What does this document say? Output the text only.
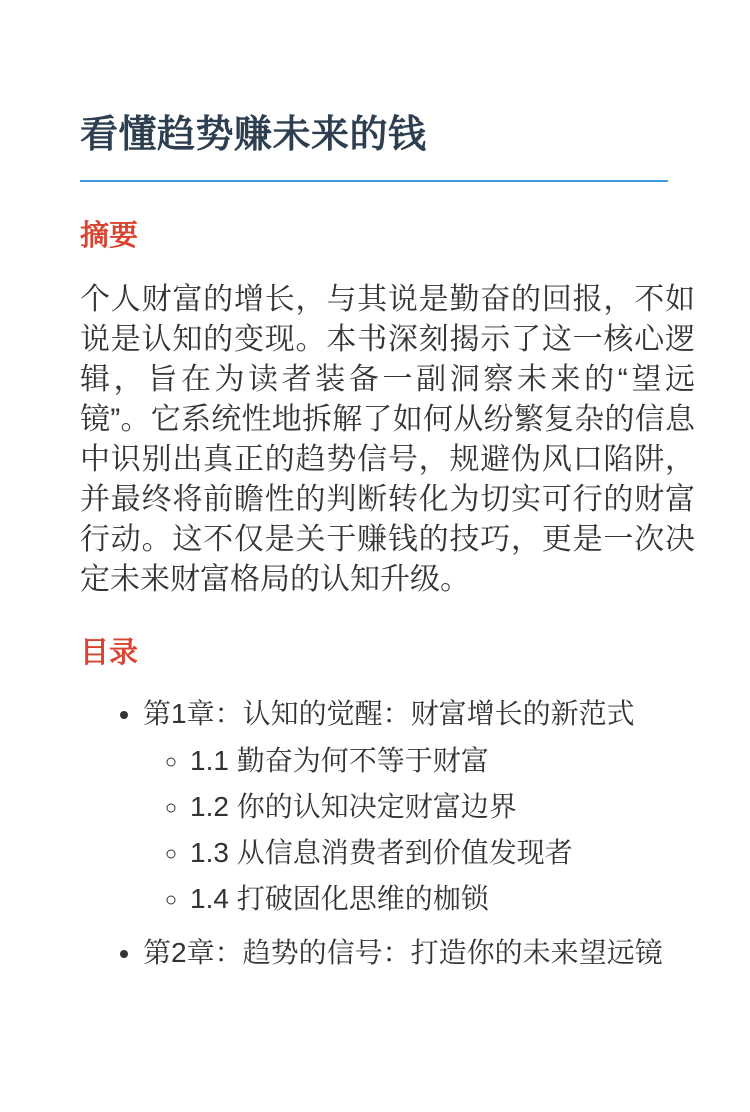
看懂趋势赚未来的钱
摘要

个人财富的增长，与其说是勤奋的回报，不如说是认知的变现。本书深刻揭示了这一核心逻辑，旨在为读者装备一副洞察未来的“望远镜”。它系统性地拆解了如何从纷繁复杂的信息中识别出真正的趋势信号，规避伪风口陷阱，并最终将前瞻性的判断转化为切实可行的财富行动。这不仅是关于赚钱的技巧，更是一次决定未来财富格局的认知升级。

目录
• 第1章：认知的觉醒：财富增长的新范式
◦ 1.1 勤奋为何不等于财富
◦ 1.2 你的认知决定财富边界
◦ 1.3 从信息消费者到价值发现者
◦ 1.4 打破固化思维的枷锁
• 第2章：趋势的信号：打造你的未来望远镜
